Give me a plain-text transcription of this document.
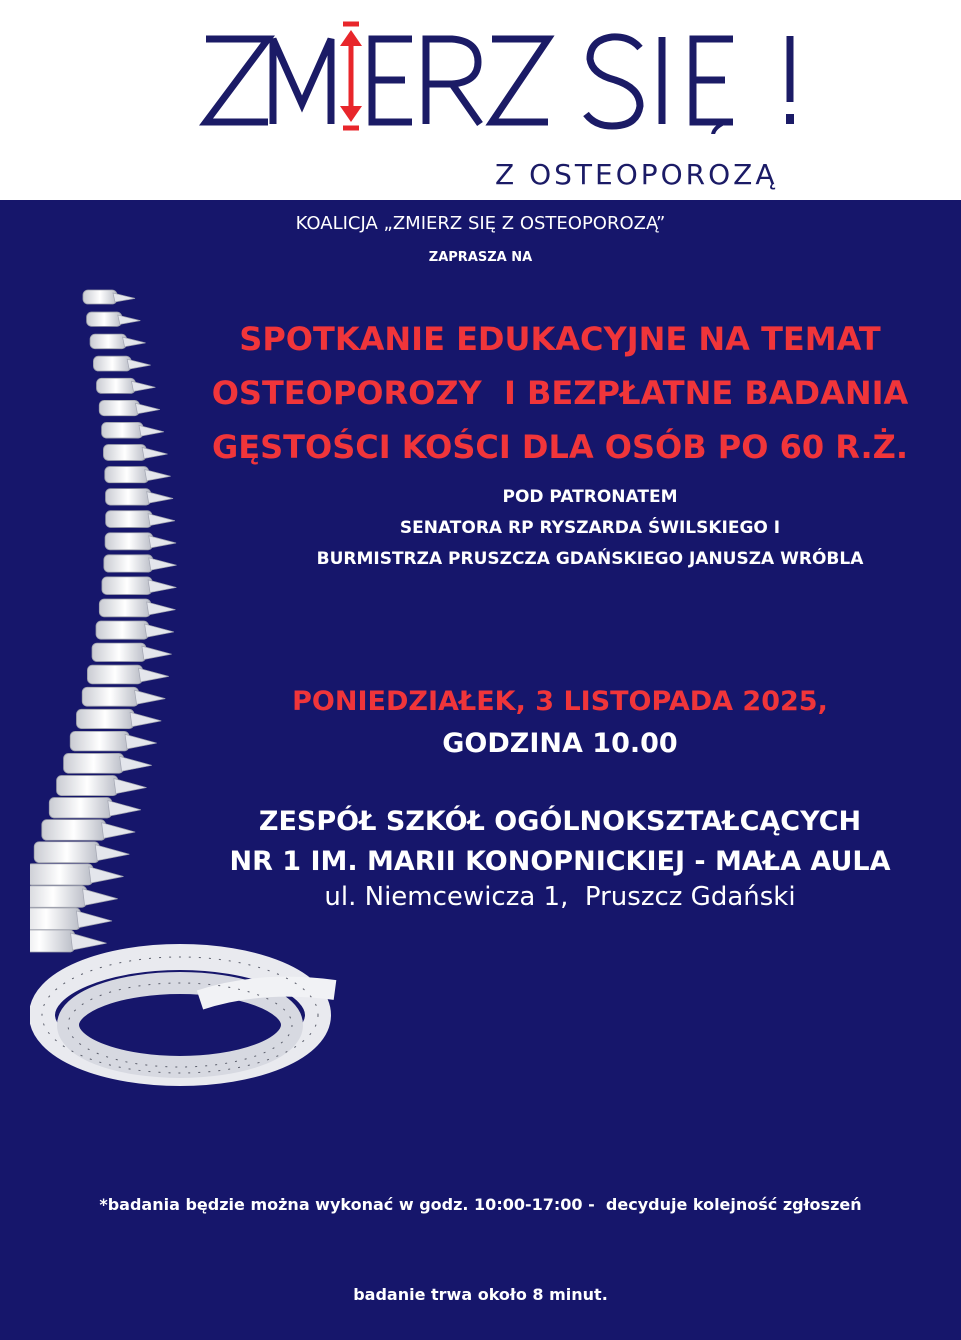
Z OSTEOPOROZĄ
KOALICJA „ZMIERZ SIĘ Z OSTEOPOROZĄ”
ZAPRASZA NA
SPOTKANIE EDUKACYJNE NA TEMAT
OSTEOPOROZY  I BEZPŁATNE BADANIA
GĘSTOŚCI KOŚCI DLA OSÓB PO 60 R.Ż.
POD PATRONATEM
SENATORA RP RYSZARDA ŚWILSKIEGO I
BURMISTRZA PRUSZCZA GDAŃSKIEGO JANUSZA WRÓBLA
PONIEDZIAŁEK, 3 LISTOPADA 2025,
GODZINA 10.00
ZESPÓŁ SZKÓŁ OGÓLNOKSZTAŁCĄCYCH
NR 1 IM. MARII KONOPNICKIEJ - MAŁA AULA
ul. Niemcewicza 1,  Pruszcz Gdański

*badania będzie można wykonać w godz. 10:00-17:00 -  decyduje kolejność zgłoszeń

badanie trwa około 8 minut.
